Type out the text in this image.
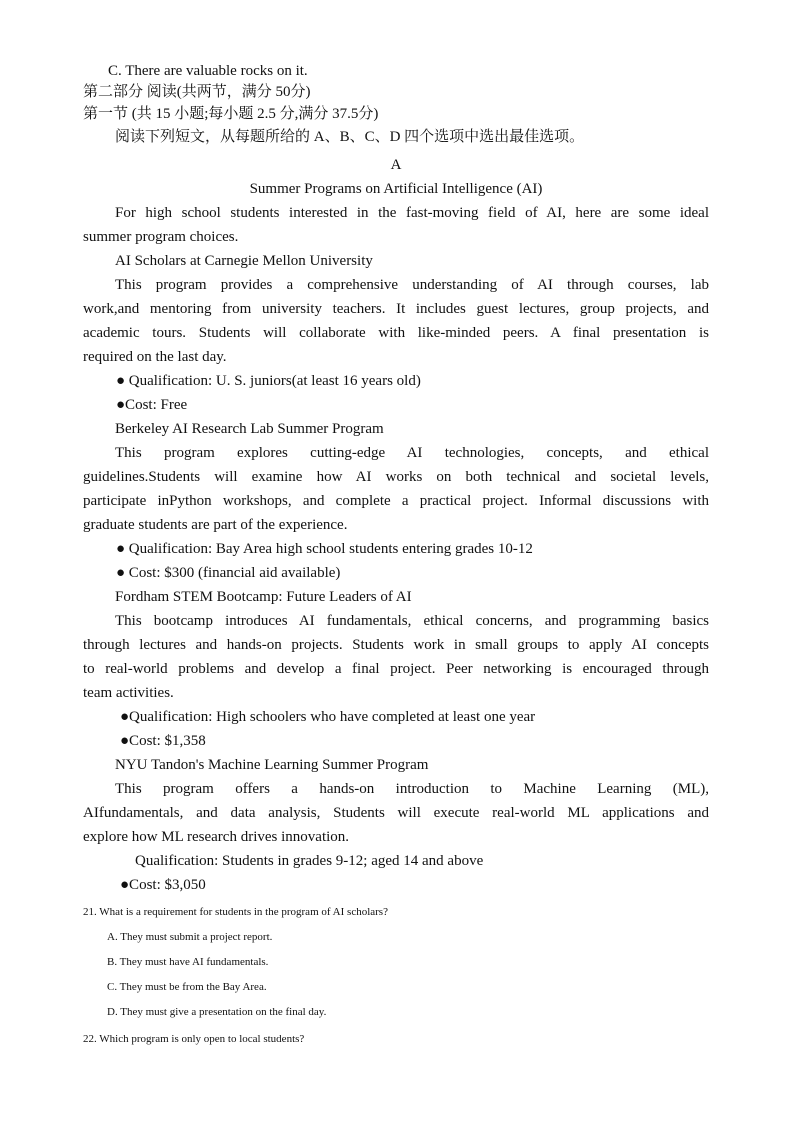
C. There are valuable rocks on it.
第二部分 阅读(共两节，满分 50分)
第一节 (共 15 小题;每小题 2.5 分,满分 37.5分)
阅读下列短文，从每题所给的 A、B、C、D 四个选项中选出最佳选项。
A
Summer Programs on Artificial Intelligence (AI)
For high school students interested in the fast-moving field of AI, here are some ideal
summer program choices.
AI Scholars at Carnegie Mellon University
This program provides a comprehensive understanding of AI through courses, lab
work,and mentoring from university teachers. It includes guest lectures, group projects, and
academic tours. Students will collaborate with like-minded peers. A final presentation is
required on the last day.
● Qualification: U. S. juniors(at least 16 years old)
●Cost: Free
Berkeley AI Research Lab Summer Program
This program explores cutting-edge AI technologies, concepts, and ethical
guidelines.Students will examine how AI works on both technical and societal levels,
participate inPython workshops, and complete a practical project. Informal discussions with
graduate students are part of the experience.
● Qualification: Bay Area high school students entering grades 10-12
● Cost: $300 (financial aid available)
Fordham STEM Bootcamp: Future Leaders of AI
This bootcamp introduces AI fundamentals, ethical concerns, and programming basics
through lectures and hands-on projects. Students work in small groups to apply AI concepts
to real-world problems and develop a final project. Peer networking is encouraged through
team activities.
●Qualification: High schoolers who have completed at least one year
●Cost: $1,358
NYU Tandon's Machine Learning Summer Program
This program offers a hands-on introduction to Machine Learning (ML),
AIfundamentals, and data analysis, Students will execute real-world ML applications and
explore how ML research drives innovation.
Qualification: Students in grades 9-12; aged 14 and above
●Cost: $3,050
21. What is a requirement for students in the program of AI scholars?
A. They must submit a project report.
B. They must have AI fundamentals.
C. They must be from the Bay Area.
D. They must give a presentation on the final day.
22. Which program is only open to local students?
